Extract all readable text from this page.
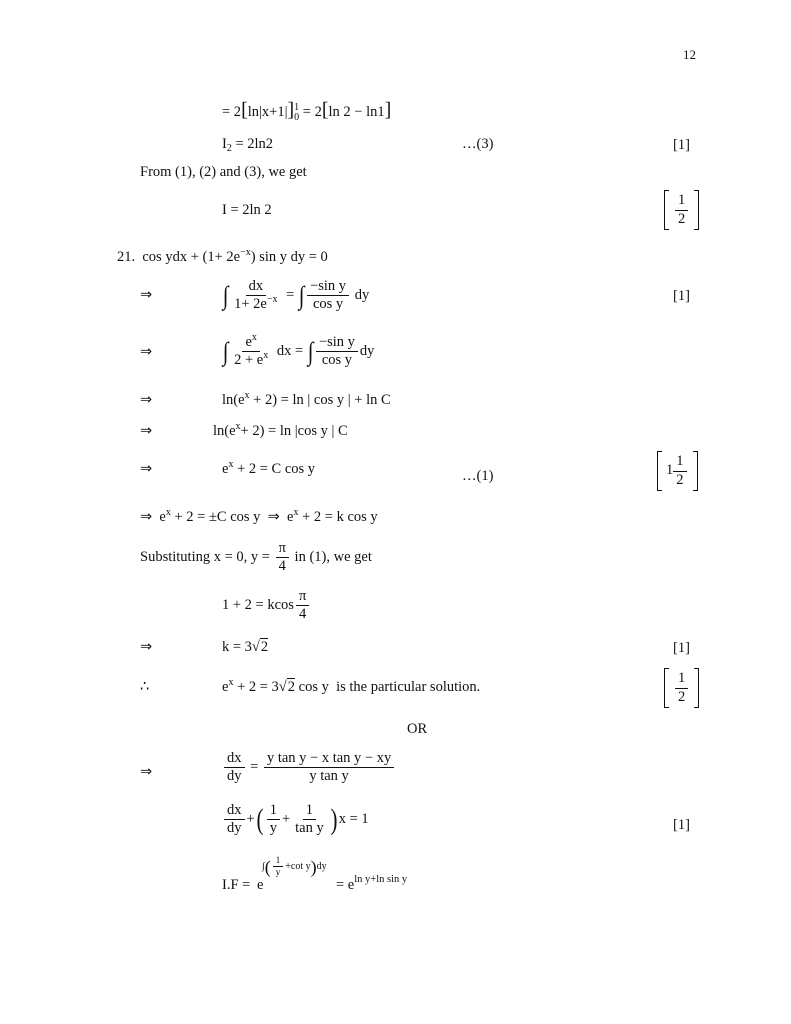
12
= 2[ln|x+1|] 1
0 = 2[ln 2 − ln1]
$I_2 = 2\ln 2$	…(3)	[1]
From (1), (2) and (3), we get
I = 2ln 2	$\frac{1}{2}$
21.  cos ydx + $(1+ 2e^{-x})$ sin y dy = 0
⇒	∫ $\frac{dx}{1+ 2e^{-x}}$ = ∫ $\frac{\text{−sin y}}{\text{cos y}}$ dy	[1]
⇒	∫ $\frac{e^x}{2 + e^x}$ dx = ∫ $\frac{\text{−sin y}}{\text{cos y}}$ dy
⇒	$\ln(e^x + 2) = \ln$ | cos y | + ln C
⇒	$\ln(e^x+ 2) = \ln |\cos$ y | C
⇒	$e^x + 2 = C$ cos y	…(1)	$1 \frac{1}{2}$
⇒  $e^x + 2 = \pm C$ cos y  ⇒  $e^x + 2 = k$ cos y
Substituting x = 0, $y = \frac{\pi}{4}$ in (1), we get
1 + 2 = kcos $\frac{\pi}{4}$
⇒	k = 3√2	[1]
∴	$e^x + 2 = 3√2$ cos y  is the particular solution.	$\frac{1}{2}$
OR
⇒	$\frac{dx}{dy} = \frac{\text{y tan y − x tan y − xy}}{\text{y tan y}}$
$\frac{dx}{dy}$ +( $\frac{1}{y} + \frac{1}{\text{tan y}}$ ) x = 1	[1]
I.F = e
∫( $\frac{1}{y} +\cot$ y)dy
= $e^{ln y+ln sin y}$
